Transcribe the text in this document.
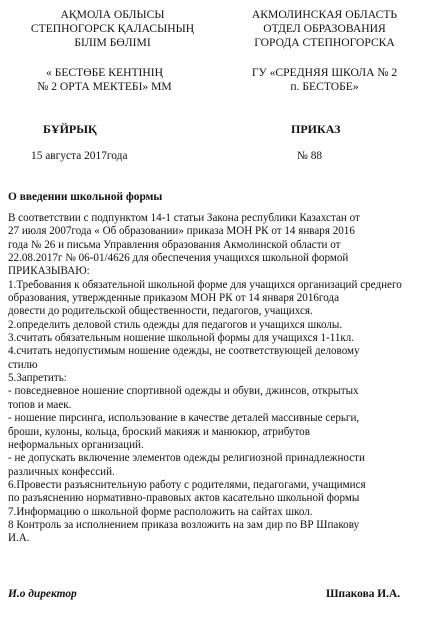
АҚМОЛА ОБЛЫСЫ
СТЕПНОГОРСК ҚАЛАСЫНЫҢ
БІЛІМ БӨЛІМІ
АКМОЛИНСКАЯ ОБЛАСТЬ
ОТДЕЛ ОБРАЗОВАНИЯ
ГОРОДА СТЕПНОГОРСКА
« БЕСТӨБЕ КЕНТІНІҢ
№ 2 ОРТА МЕКТЕБІ» ММ
ГУ «СРЕДНЯЯ ШКОЛА № 2
п. БЕСТОБЕ»
БҰЙРЫҚ	ПРИКАЗ
15 августа 2017года	№ 88
О введении школьной формы
В соответствии с подпунктом 14-1 статьи Закона республики Казахстан от
27 июля 2007года « Об образовании» приказа МОН РК от 14 января 2016
года № 26 и письма Управления образования Акмолинской области от
22.08.2017г № 06-01/4626 для обеспечения учащихся школьной формой
ПРИКАЗЫВАЮ:
1.Требования к обязательной школьной форме для учащихся организаций среднего
образования, утвержденные приказом МОН РК от 14 января 2016года
довести до родительской общественности, педагогов, учащихся.
2.определить деловой стиль одежды для педагогов и учащихся школы.
3.считать обязательным ношение школьной формы для учащихся 1-11кл.
4.считать недопустимым ношение одежды, не соответствующей деловому
стилю
5.Запретить:
- повседневное ношение спортивной одежды и обуви, джинсов, открытых
топов и маек.
- ношение пирсинга, использование в качестве деталей массивные серьги,
броши, кулоны, кольца, броский макияж и манюкюр, атрибутов
неформальных организаций.
- не допускать включение элементов одежды религиозной принадлежности
различных конфессий.
6.Провести разъяснительную работу с родителями, педагогами, учащимися
по разъяснению нормативно-правовых актов касательно школьной формы
7.Информацию о школьной форме расположить на сайтах школ.
8 Контроль за исполнением приказа возложить на зам дир по ВР Шпакову
И.А.
И.о директор	Шпакова И.А.
